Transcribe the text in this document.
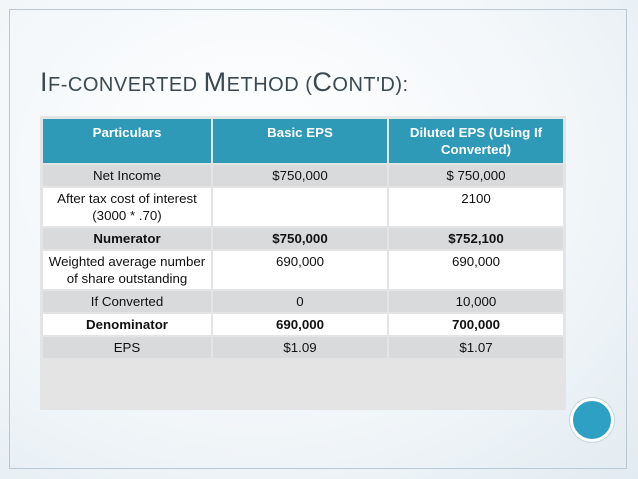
IF-CONVERTED METHOD (CONT'D):
Particulars	Basic EPS	Diluted EPS (Using If Converted)
Net Income	$750,000	$ 750,000
After tax cost of interest (3000 * .70)		2100
Numerator	$750,000	$752,100
Weighted average number of share outstanding	690,000	690,000
If Converted	0	10,000
Denominator	690,000	700,000
EPS	$1.09	$1.07
